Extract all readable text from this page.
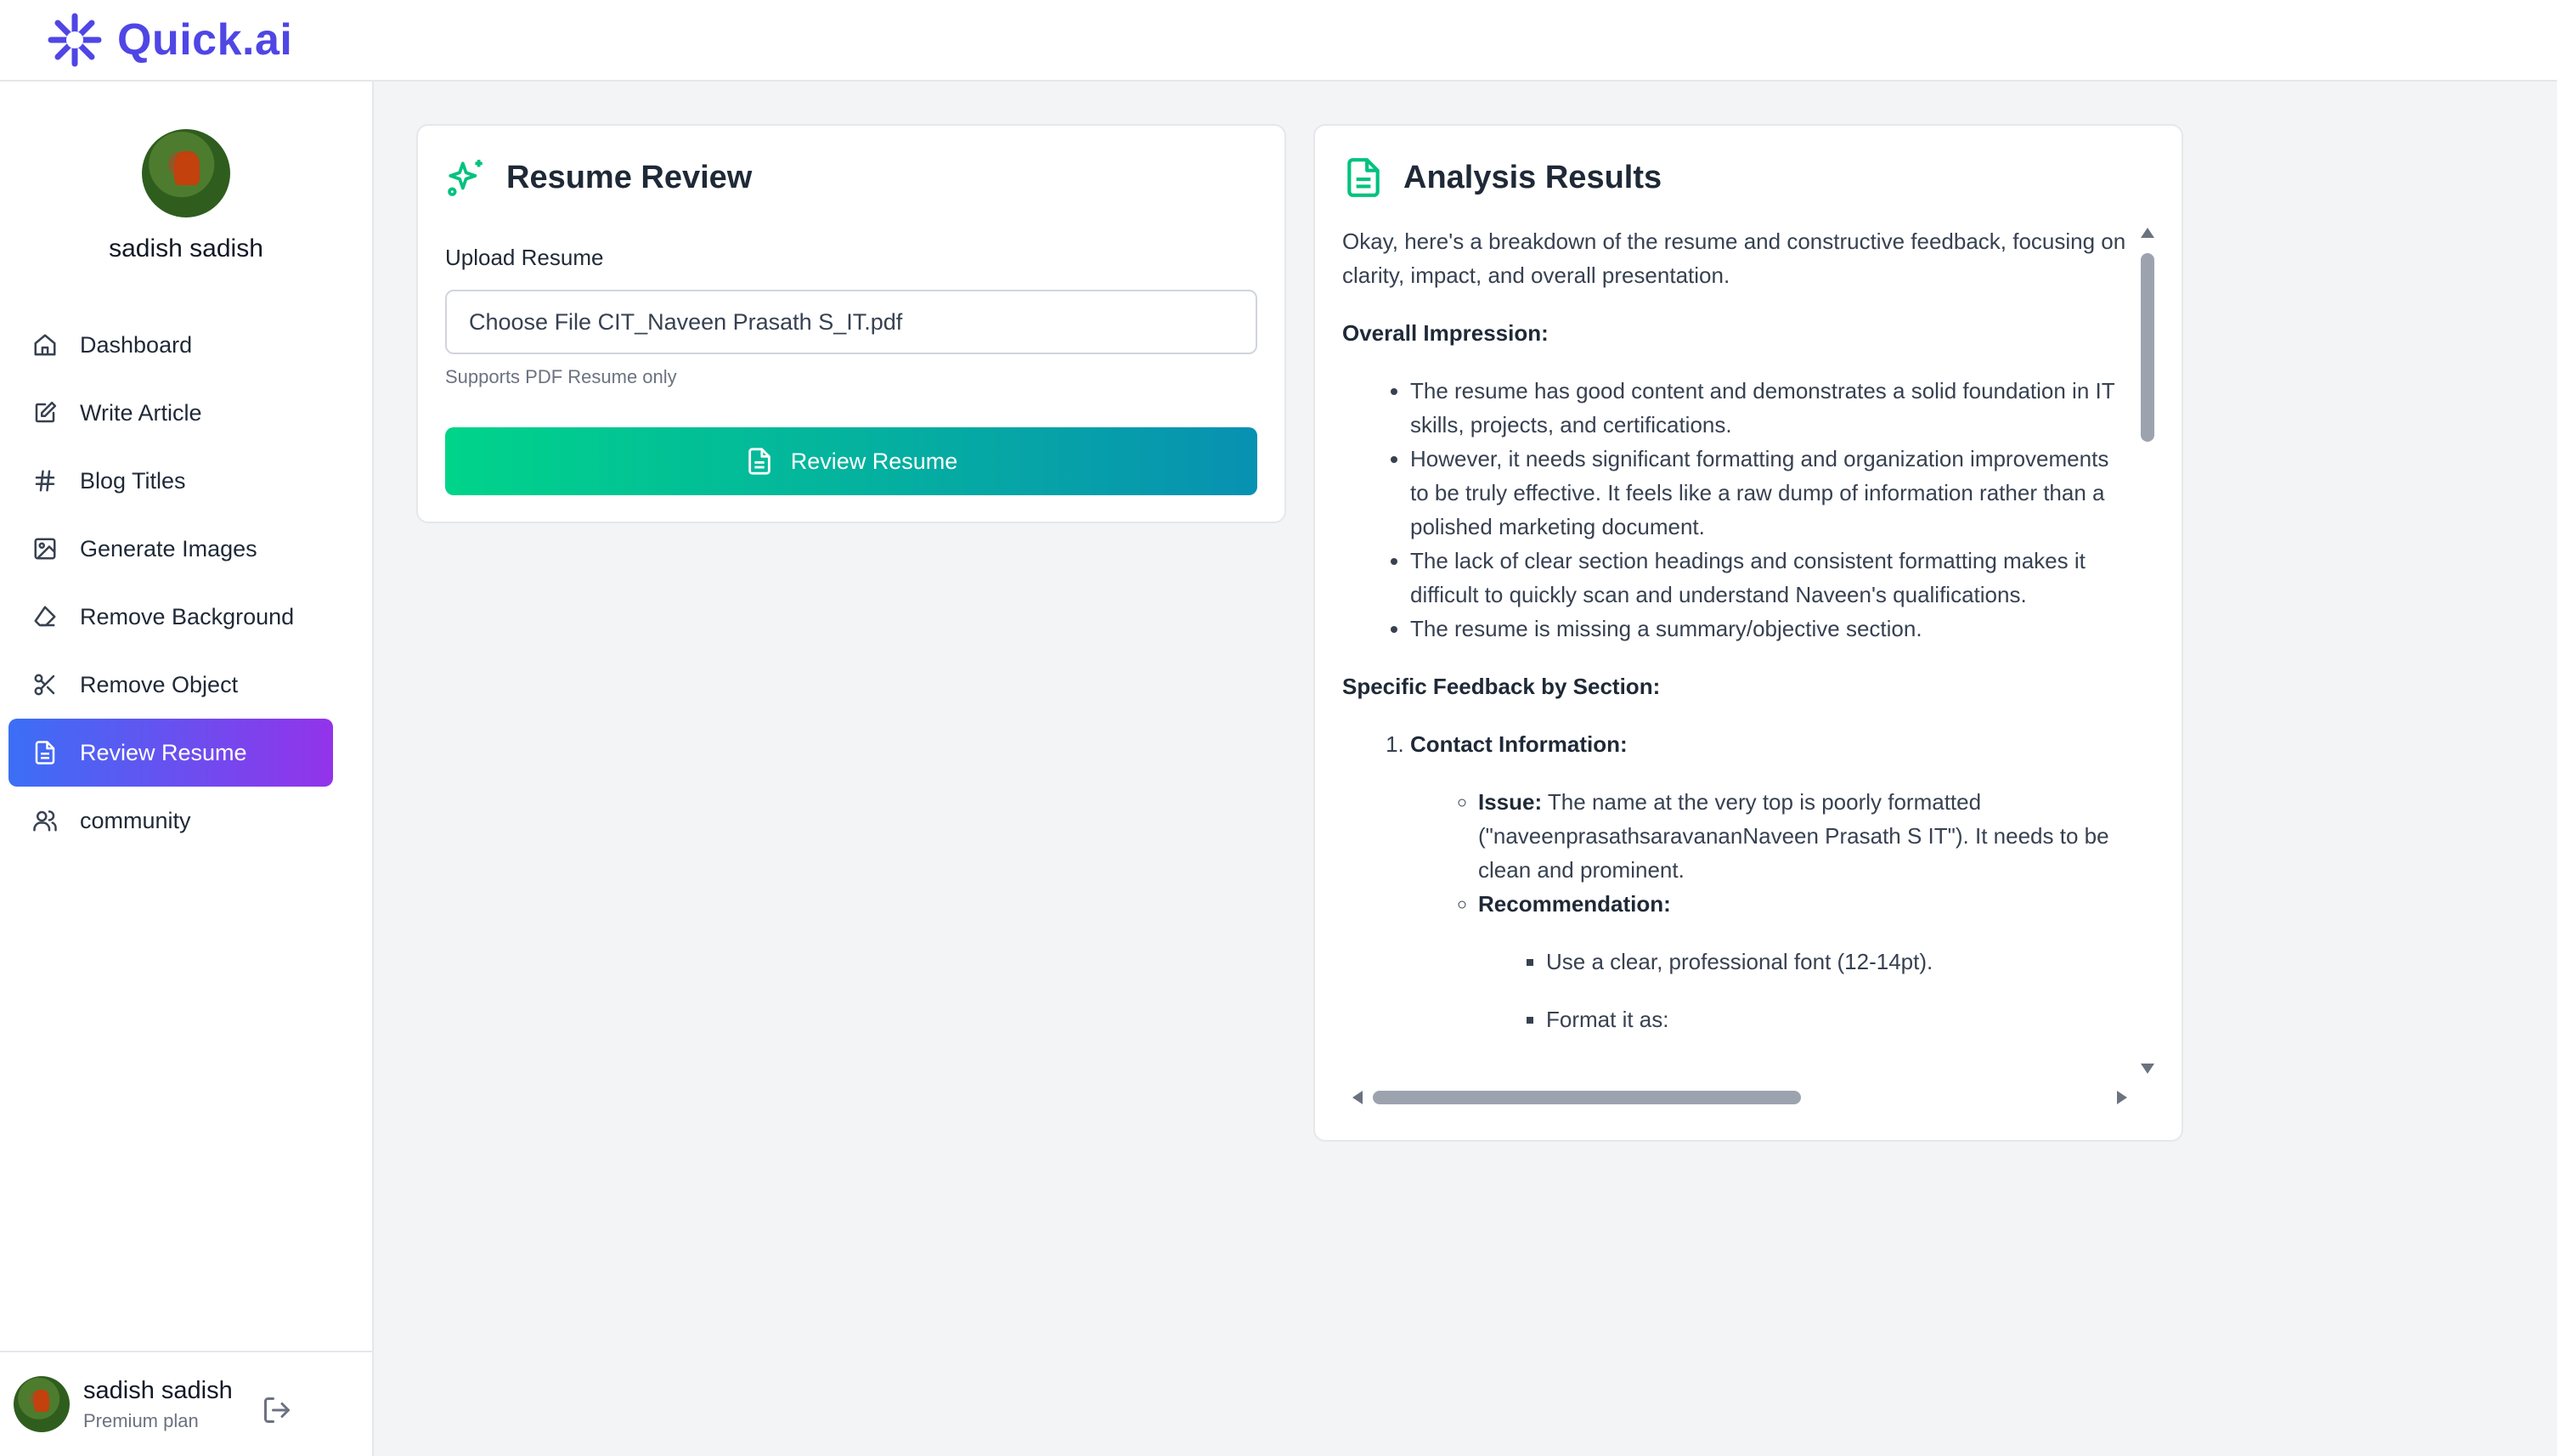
Quick.ai
sadish sadish
Dashboard
Write Article
Blog Titles
Generate Images
Remove Background
Remove Object
Review Resume
community
sadish sadish
Premium plan
Resume Review
Upload Resume
Choose File CIT_Naveen Prasath S_IT.pdf
Supports PDF Resume only
Review Resume
Analysis Results

Okay, here's a breakdown of the resume and constructive feedback, focusing on clarity, impact, and overall presentation.

Overall Impression:

• The resume has good content and demonstrates a solid foundation in IT skills, projects, and certifications.
• However, it needs significant formatting and organization improvements to be truly effective. It feels like a raw dump of information rather than a polished marketing document.
• The lack of clear section headings and consistent formatting makes it difficult to quickly scan and understand Naveen's qualifications.
• The resume is missing a summary/objective section.

Specific Feedback by Section:

1. Contact Information:
◦ Issue: The name at the very top is poorly formatted ("naveenprasathsaravananNaveen Prasath S IT"). It needs to be clean and prominent.
◦ Recommendation:
▪ Use a clear, professional font (12-14pt).
▪ Format it as:
